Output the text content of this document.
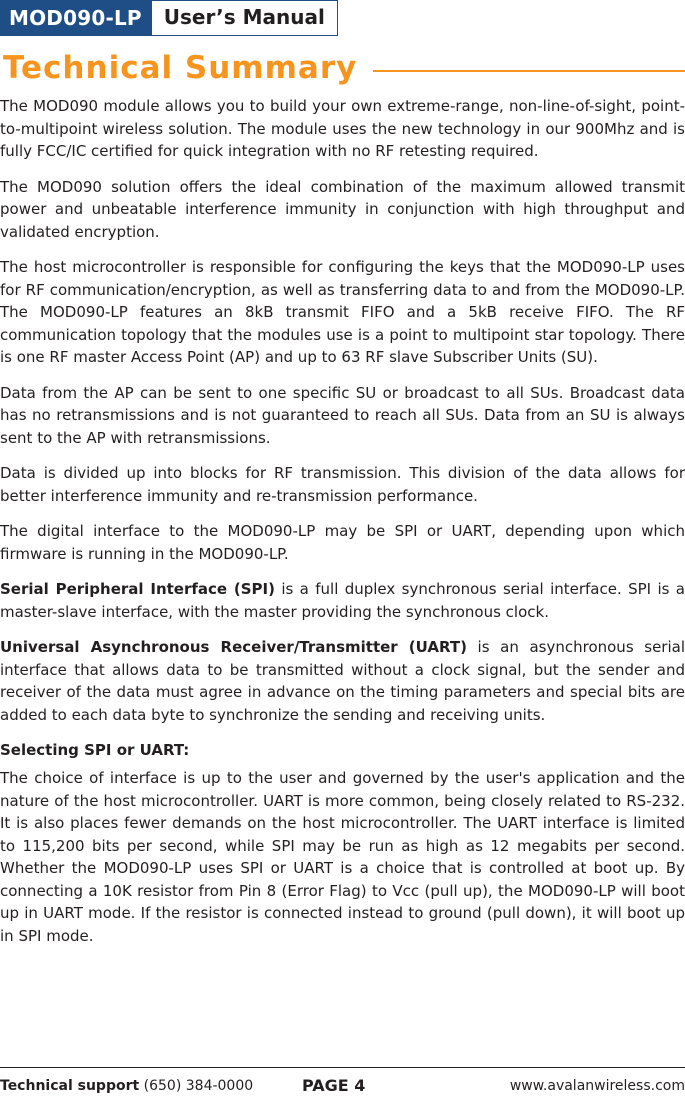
MOD090-LP	User’s Manual
Technical Summary

The MOD090 module allows you to build your own extreme-range, non-line-of-sight, point-to-multipoint wireless solution. The module uses the new technology in our 900Mhz and is fully FCC/IC certified for quick integration with no RF retesting required.

The MOD090 solution offers the ideal combination of the maximum allowed transmit power and unbeatable interference immunity in conjunction with high throughput and validated encryption.

The host microcontroller is responsible for configuring the keys that the MOD090-LP uses for RF communication/encryption, as well as transferring data to and from the MOD090-LP. The MOD090-LP features an 8kB transmit FIFO and a 5kB receive FIFO. The RF communication topology that the modules use is a point to multipoint star topology. There is one RF master Access Point (AP) and up to 63 RF slave Subscriber Units (SU).

Data from the AP can be sent to one specific SU or broadcast to all SUs. Broadcast data has no retransmissions and is not guaranteed to reach all SUs. Data from an SU is always sent to the AP with retransmissions.

Data is divided up into blocks for RF transmission. This division of the data allows for better interference immunity and re-transmission performance.

The digital interface to the MOD090-LP may be SPI or UART, depending upon which firmware is running in the MOD090-LP.

Serial Peripheral Interface (SPI) is a full duplex synchronous serial interface. SPI is a master-slave interface, with the master providing the synchronous clock.

Universal Asynchronous Receiver/Transmitter (UART) is an asynchronous serial interface that allows data to be transmitted without a clock signal, but the sender and receiver of the data must agree in advance on the timing parameters and special bits are added to each data byte to synchronize the sending and receiving units.

Selecting SPI or UART:

The choice of interface is up to the user and governed by the user's application and the nature of the host microcontroller. UART is more common, being closely related to RS-232. It is also places fewer demands on the host microcontroller. The UART interface is limited to 115,200 bits per second, while SPI may be run as high as 12 megabits per second. Whether the MOD090-LP uses SPI or UART is a choice that is controlled at boot up. By connecting a 10K resistor from Pin 8 (Error Flag) to Vcc (pull up), the MOD090-LP will boot up in UART mode. If the resistor is connected instead to ground (pull down), it will boot up in SPI mode.

Technical support (650) 384-0000	PAGE 4	www.avalanwireless.com
